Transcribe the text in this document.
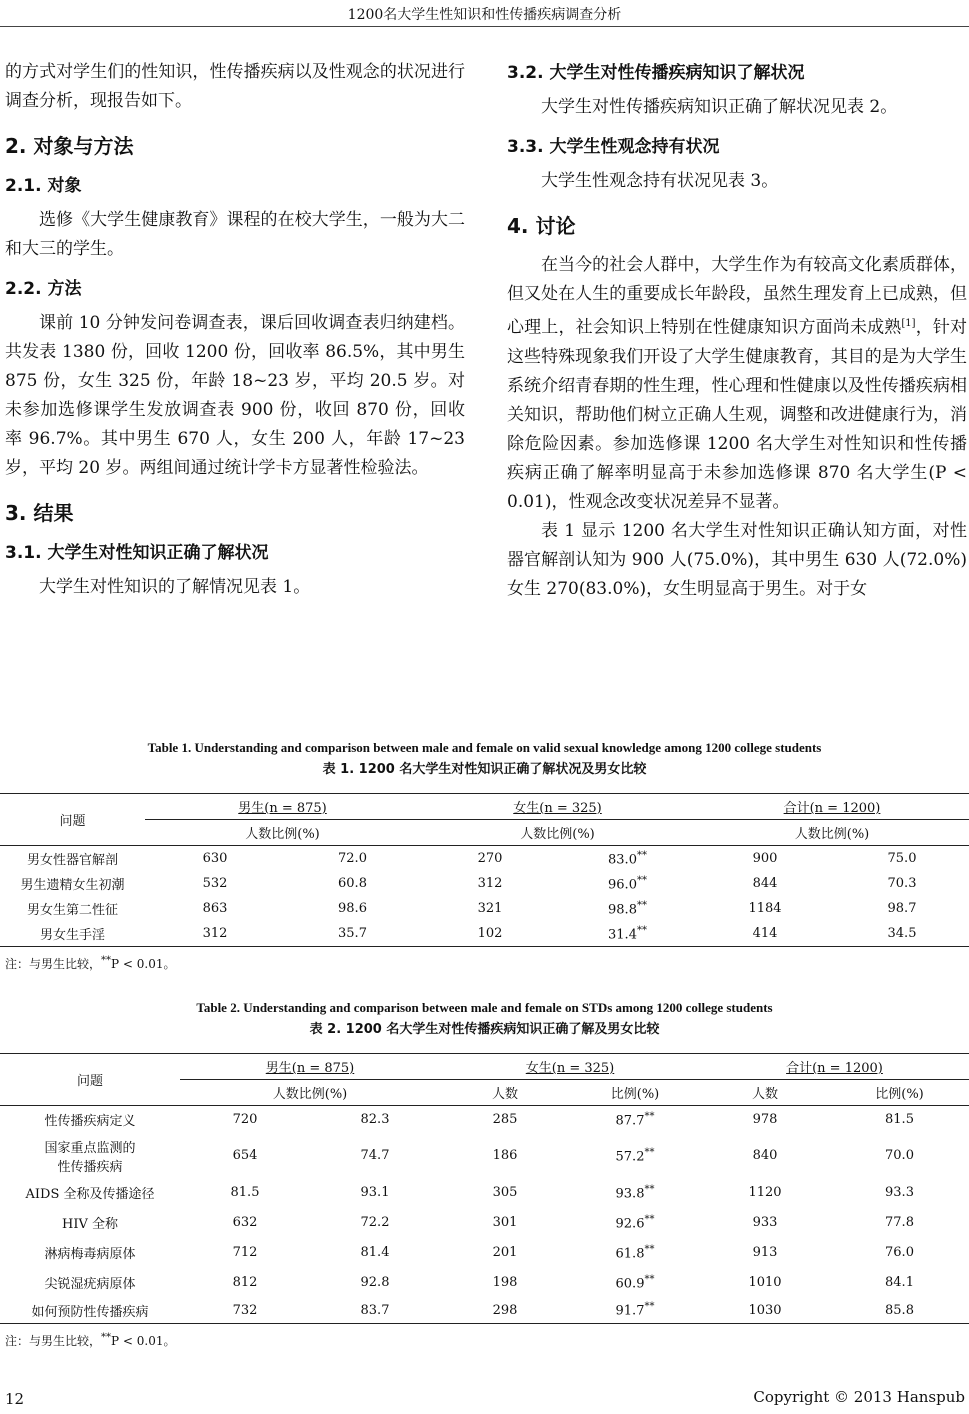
1200名大学生性知识和性传播疾病调查分析

的方式对学生们的性知识，性传播疾病以及性观念的状况进行调查分析，现报告如下。

2. 对象与方法
2.1. 对象

选修《大学生健康教育》课程的在校大学生，一般为大二和大三的学生。

2.2. 方法

课前 10 分钟发问卷调查表，课后回收调查表归纳建档。共发表 1380 份，回收 1200 份，回收率 86.5%，其中男生 875 份，女生 325 份，年龄 18~23 岁，平均 20.5 岁。对未参加选修课学生发放调查表 900 份，收回 870 份，回收率 96.7%。其中男生 670 人，女生 200 人，年龄 17~23 岁，平均 20 岁。两组间通过统计学卡方显著性检验法。

3. 结果
3.1. 大学生对性知识正确了解状况

大学生对性知识的了解情况见表 1。

3.2. 大学生对性传播疾病知识了解状况

大学生对性传播疾病知识正确了解状况见表 2。

3.3. 大学生性观念持有状况

大学生性观念持有状况见表 3。

4. 讨论

在当今的社会人群中，大学生作为有较高文化素质群体，但又处在人生的重要成长年龄段，虽然生理发育上已成熟，但心理上，社会知识上特别在性健康知识方面尚未成熟[1]，针对这些特殊现象我们开设了大学生健康教育，其目的是为大学生系统介绍青春期的性生理，性心理和性健康以及性传播疾病相关知识，帮助他们树立正确人生观，调整和改进健康行为，消除危险因素。参加选修课 1200 名大学生对性知识和性传播疾病正确了解率明显高于未参加选修课 870 名大学生(P < 0.01)，性观念改变状况差异不显著。

表 1 显示 1200 名大学生对性知识正确认知方面，对性器官解剖认知为 900 人(75.0%)，其中男生 630 人(72.0%)女生 270(83.0%)，女生明显高于男生。对于女

Table 1. Understanding and comparison between male and female on valid sexual knowledge among 1200 college students
表 1. 1200 名大学生对性知识正确了解状况及男女比较
问题	男生(n = 875)		女生(n = 325)		合计(n = 1200)	
	人数比例(%)		人数比例(%)		人数比例(%)	
男女性器官解剖	630	72.0	270	83.0**	900	75.0
男生遗精女生初潮	532	60.8	312	96.0**	844	70.3
男女生第二性征	863	98.6	321	98.8**	1184	98.7
男女生手淫	312	35.7	102	31.4**	414	34.5
注：与男生比较，**P < 0.01。
Table 2. Understanding and comparison between male and female on STDs among 1200 college students
表 2. 1200 名大学生对性传播疾病知识正确了解及男女比较
问题	男生(n = 875)		女生(n = 325)		合计(n = 1200)	
	人数比例(%)		人数	比例(%)	人数	比例(%)
性传播疾病定义	720	82.3	285	87.7**	978	81.5
国家重点监测的
性传播疾病	654	74.7	186	57.2**	840	70.0
AIDS 全称及传播途径	81.5	93.1	305	93.8**	1120	93.3
HIV 全称	632	72.2	301	92.6**	933	77.8
淋病梅毒病原体	712	81.4	201	61.8**	913	76.0
尖锐湿疣病原体	812	92.8	198	60.9**	1010	84.1
如何预防性传播疾病	732	83.7	298	91.7**	1030	85.8
注：与男生比较，**P < 0.01。
12	Copyright © 2013 Hanspub
